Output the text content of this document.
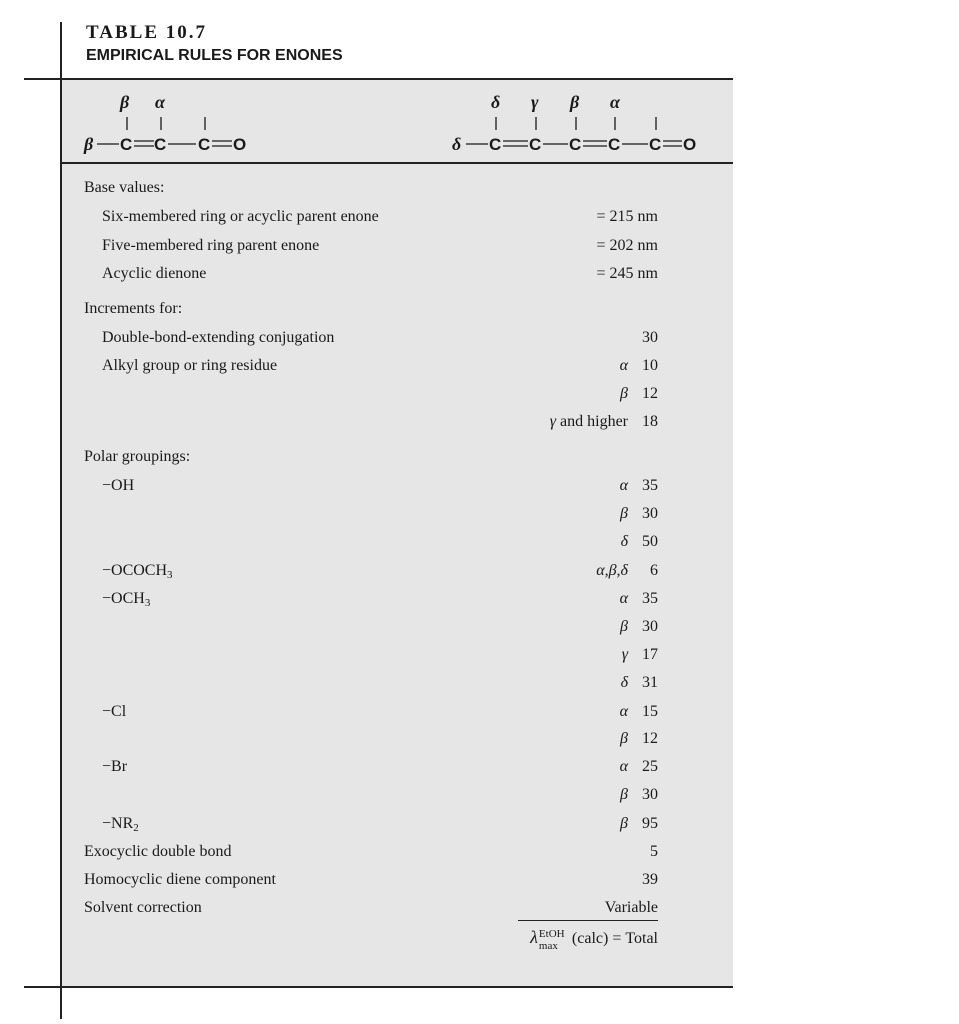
TABLE 10.7
EMPIRICAL RULES FOR ENONES
β α
β C C C O
δ γ β α
δ C C C C C O
Base values:
Six-membered ring or acyclic parent enone	= 215 nm
Five-membered ring parent enone	= 202 nm
Acyclic dienone	= 245 nm
Increments for:
Double-bond-extending conjugation	30
Alkyl group or ring residue	α 10
β 12
γ and higher 18
Polar groupings:
−OH	α 35
β 30
δ 50
$-OCOCH_3$	α,β,δ 6
$-OCH_3$	α 35
β 30
γ 17
δ 31
−Cl	α 15
β 12
−Br	α 25
β 30
$-NR_2$	β 95
Exocyclic double bond	5
Homocyclic diene component	39
Solvent correction	Variable
λ EtOH
max (calc) = Total
